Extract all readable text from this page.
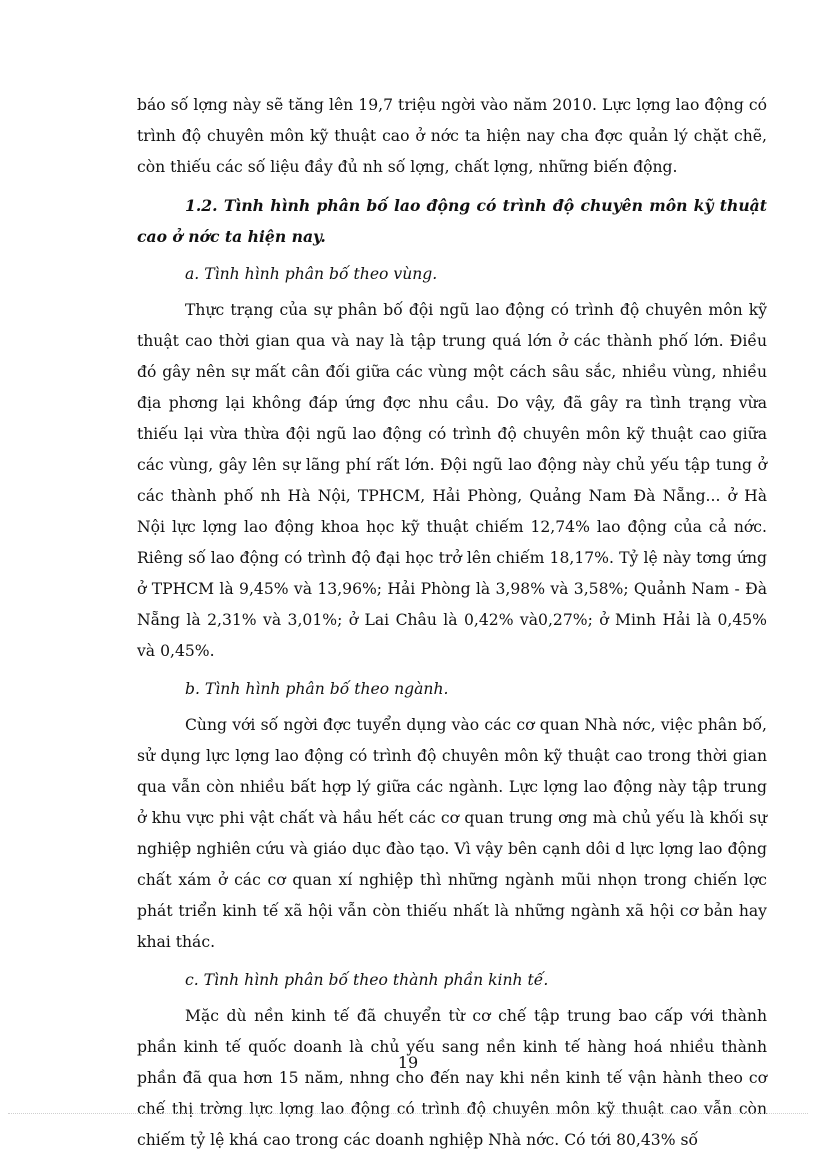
báo số lợng này sẽ tăng lên 19,7 triệu ngời vào năm 2010. Lực lợng lao động có trình độ chuyên môn kỹ thuật cao ở nớc ta hiện nay cha đợc quản lý chặt chẽ, còn thiếu các số liệu đầy đủ nh số lợng, chất lợng, những biến động.

1.2. Tình hình phân bố lao động có trình độ chuyên môn kỹ thuật cao ở nớc ta hiện nay.

a. Tình hình phân bố theo vùng.

Thực trạng của sự phân bố đội ngũ lao động có trình độ chuyên môn kỹ thuật cao thời gian qua và nay là tập trung quá lớn ở các thành phố lớn. Điều đó gây nên sự mất cân đối giữa các vùng một cách sâu sắc, nhiều vùng, nhiều địa phơng lại không đáp ứng đợc nhu cầu. Do vậy, đã gây ra tình trạng vừa thiếu lại vừa thừa đội ngũ lao động có trình độ chuyên môn kỹ thuật cao giữa các vùng, gây lên sự lãng phí rất lớn. Đội ngũ lao động này chủ yếu tập tung ở các thành phố nh Hà Nội, TPHCM, Hải Phòng, Quảng Nam Đà Nẵng... ở Hà Nội lực lợng lao động khoa học kỹ thuật chiếm 12,74% lao động của cả nớc. Riêng số lao động có trình độ đại học trở lên chiếm 18,17%. Tỷ lệ này tơng ứng ở TPHCM là 9,45% và 13,96%; Hải Phòng là 3,98% và 3,58%; Quảnh Nam - Đà Nẵng là 2,31% và 3,01%; ở Lai Châu là 0,42% và0,27%; ở Minh Hải là 0,45% và 0,45%.

b. Tình hình phân bố theo ngành.

Cùng với số ngời đợc tuyển dụng vào các cơ quan Nhà nớc, việc phân bố, sử dụng lực lợng lao động có trình độ chuyên môn kỹ thuật cao trong thời gian qua vẫn còn nhiều bất hợp lý giữa các ngành. Lực lợng lao động này tập trung ở khu vực phi vật chất và hầu hết các cơ quan trung ơng mà chủ yếu là khối sự nghiệp nghiên cứu và giáo dục đào tạo. Vì vậy bên cạnh dôi d lực lợng lao động chất xám ở các cơ quan xí nghiệp thì những ngành mũi nhọn trong chiến lợc phát triển kinh tế xã hội vẫn còn thiếu nhất là những ngành xã hội cơ bản hay khai thác.

c. Tình hình phân bố theo thành phần kinh tế.

Mặc dù nền kinh tế đã chuyển từ cơ chế tập trung bao cấp với thành phần kinh tế quốc doanh là chủ yếu sang nền kinh tế hàng hoá nhiều thành phần đã qua hơn 15 năm, nhng cho đến nay khi nền kinh tế vận hành theo cơ chế thị trờng lực lợng lao động có trình độ chuyên môn kỹ thuật cao vẫn còn chiếm tỷ lệ khá cao trong các doanh nghiệp Nhà nớc. Có tới 80,43% số

19
